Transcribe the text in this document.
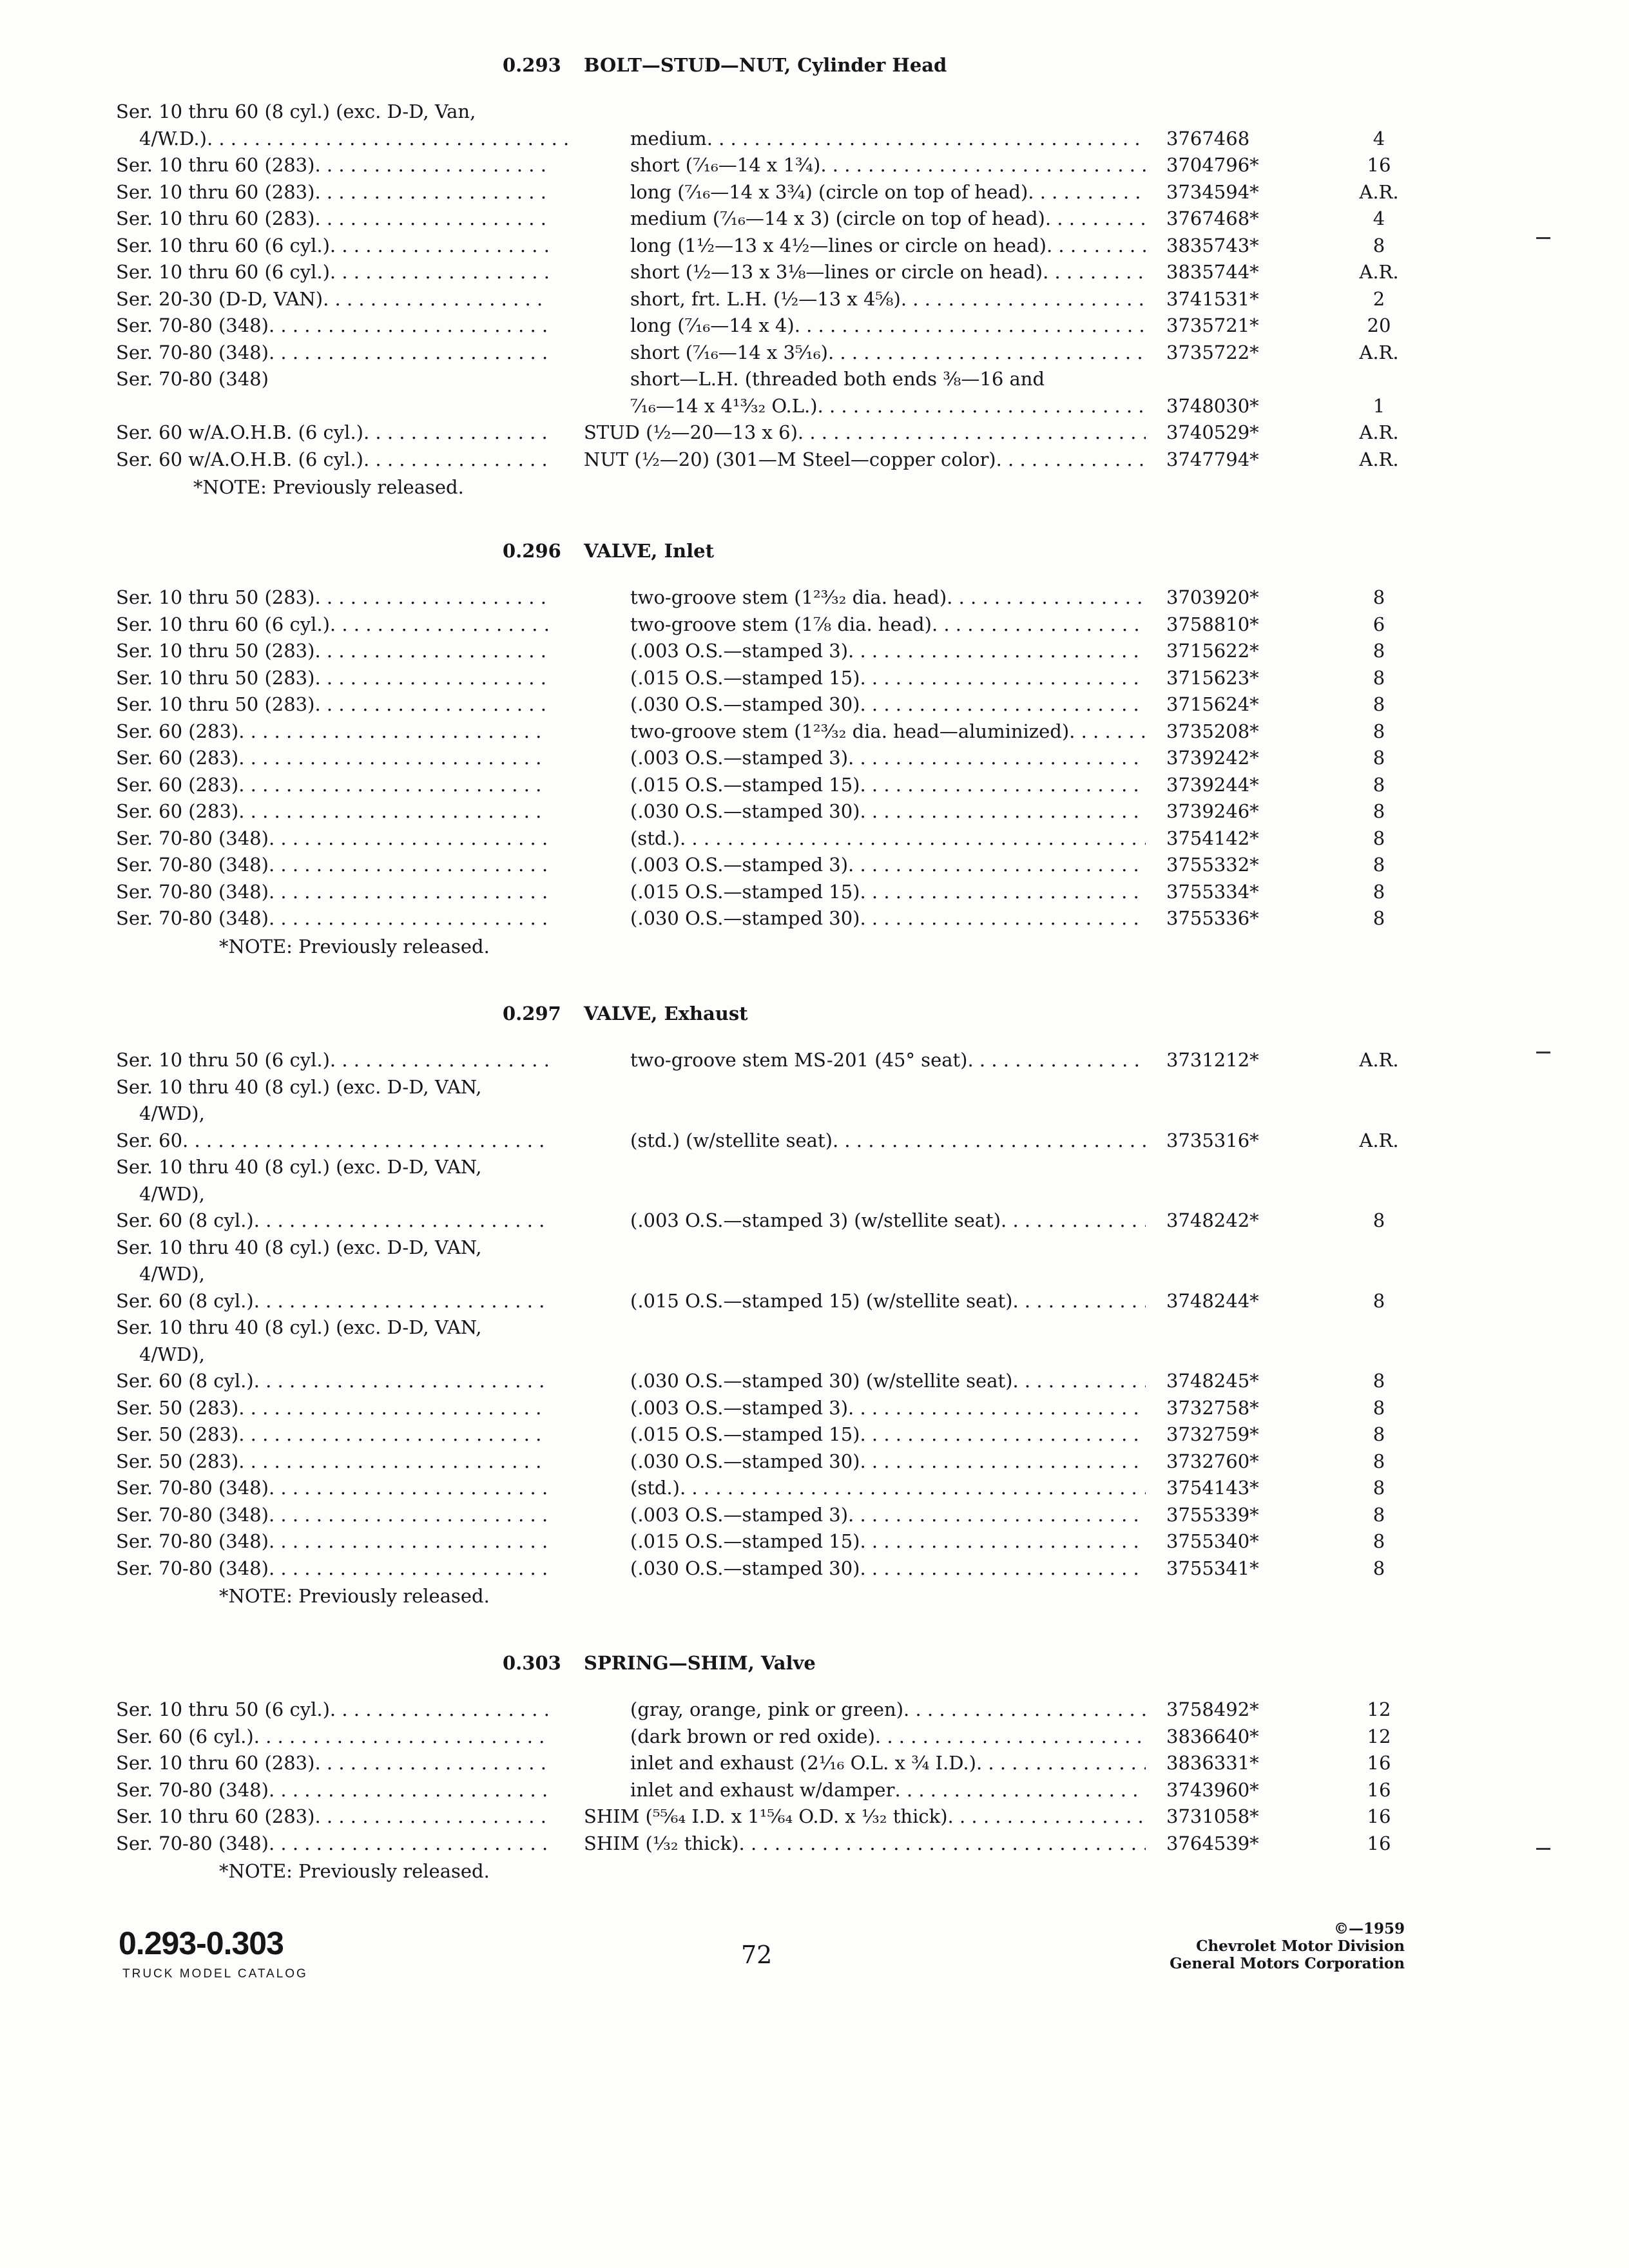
0.293 BOLT—STUD—NUT, Cylinder Head
Ser. 10 thru 60 (8 cyl.) (exc. D-D, Van,
4/W.D.) . . .	medium . . .	3767468	4
Ser. 10 thru 60 (283) . . .	short (⁷⁄₁₆—14 x 1¾) . . .	3704796*	16
Ser. 10 thru 60 (283) . . .	long (⁷⁄₁₆—14 x 3¾) (circle on top of head) . . .	3734594*	A.R.
Ser. 10 thru 60 (283) . . .	medium (⁷⁄₁₆—14 x 3) (circle on top of head) . . .	3767468*	4
Ser. 10 thru 60 (6 cyl.) . . .	long (1½—13 x 4½—lines or circle on head) . . .	3835743*	8
Ser. 10 thru 60 (6 cyl.) . . .	short (½—13 x 3⅛—lines or circle on head) . . .	3835744*	A.R.
Ser. 20-30 (D-D, VAN) . . .	short, frt. L.H. (½—13 x 4⅝) . . .	3741531*	2
Ser. 70-80 (348) . . .	long (⁷⁄₁₆—14 x 4) . . .	3735721*	20
Ser. 70-80 (348) . . .	short (⁷⁄₁₆—14 x 3⁵⁄₁₆) . . .	3735722*	A.R.
Ser. 70-80 (348)	short—L.H. (threaded both ends ⅜—16 and
⁷⁄₁₆—14 x 4¹³⁄₃₂ O.L.) . . .	3748030*	1
Ser. 60 w/A.O.H.B. (6 cyl.) . . .	STUD (½—20—13 x 6) . . .	3740529*	A.R.
Ser. 60 w/A.O.H.B. (6 cyl.) . . .	NUT (½—20) (301—M Steel—copper color) . . .	3747794*	A.R.
*NOTE: Previously released.
0.296 VALVE, Inlet
Ser. 10 thru 50 (283) . . .	two-groove stem (1²³⁄₃₂ dia. head) . . .	3703920*	8
Ser. 10 thru 60 (6 cyl.) . . .	two-groove stem (1⅞ dia. head) . . .	3758810*	6
Ser. 10 thru 50 (283) . . .	(.003 O.S.—stamped 3) . . .	3715622*	8
Ser. 10 thru 50 (283) . . .	(.015 O.S.—stamped 15) . . .	3715623*	8
Ser. 10 thru 50 (283) . . .	(.030 O.S.—stamped 30) . . .	3715624*	8
Ser. 60 (283) . . .	two-groove stem (1²³⁄₃₂ dia. head—aluminized) . . .	3735208*	8
Ser. 60 (283) . . .	(.003 O.S.—stamped 3) . . .	3739242*	8
Ser. 60 (283) . . .	(.015 O.S.—stamped 15) . . .	3739244*	8
Ser. 60 (283) . . .	(.030 O.S.—stamped 30) . . .	3739246*	8
Ser. 70-80 (348) . . .	(std.) . . .	3754142*	8
Ser. 70-80 (348) . . .	(.003 O.S.—stamped 3) . . .	3755332*	8
Ser. 70-80 (348) . . .	(.015 O.S.—stamped 15) . . .	3755334*	8
Ser. 70-80 (348) . . .	(.030 O.S.—stamped 30) . . .	3755336*	8
*NOTE: Previously released.
0.297 VALVE, Exhaust
Ser. 10 thru 50 (6 cyl.) . . .	two-groove stem MS-201 (45° seat) . . .	3731212*	A.R.
Ser. 10 thru 40 (8 cyl.) (exc. D-D, VAN,
4/WD),
Ser. 60 . . .	(std.) (w/stellite seat) . . .	3735316*	A.R.
Ser. 10 thru 40 (8 cyl.) (exc. D-D, VAN,
4/WD),
Ser. 60 (8 cyl.) . . .	(.003 O.S.—stamped 3) (w/stellite seat) . . .	3748242*	8
Ser. 10 thru 40 (8 cyl.) (exc. D-D, VAN,
4/WD),
Ser. 60 (8 cyl.) . . .	(.015 O.S.—stamped 15) (w/stellite seat) . . .	3748244*	8
Ser. 10 thru 40 (8 cyl.) (exc. D-D, VAN,
4/WD),
Ser. 60 (8 cyl.) . . .	(.030 O.S.—stamped 30) (w/stellite seat) . . .	3748245*	8
Ser. 50 (283) . . .	(.003 O.S.—stamped 3) . . .	3732758*	8
Ser. 50 (283) . . .	(.015 O.S.—stamped 15) . . .	3732759*	8
Ser. 50 (283) . . .	(.030 O.S.—stamped 30) . . .	3732760*	8
Ser. 70-80 (348) . . .	(std.) . . .	3754143*	8
Ser. 70-80 (348) . . .	(.003 O.S.—stamped 3) . . .	3755339*	8
Ser. 70-80 (348) . . .	(.015 O.S.—stamped 15) . . .	3755340*	8
Ser. 70-80 (348) . . .	(.030 O.S.—stamped 30) . . .	3755341*	8
*NOTE: Previously released.
0.303 SPRING—SHIM, Valve
Ser. 10 thru 50 (6 cyl.) . . .	(gray, orange, pink or green) . . .	3758492*	12
Ser. 60 (6 cyl.) . . .	(dark brown or red oxide) . . .	3836640*	12
Ser. 10 thru 60 (283) . . .	inlet and exhaust (2¹⁄₁₆ O.L. x ¾ I.D.) . . .	3836331*	16
Ser. 70-80 (348) . . .	inlet and exhaust w/damper . . .	3743960*	16
Ser. 10 thru 60 (283) . . .	SHIM (⁵⁵⁄₆₄ I.D. x 1¹⁵⁄₆₄ O.D. x ¹⁄₃₂ thick) . . .	3731058*	16
Ser. 70-80 (348) . . .	SHIM (¹⁄₃₂ thick) . . .	3764539*	16
*NOTE: Previously released.
0.293-0.303
TRUCK MODEL CATALOG
72
©—1959
Chevrolet Motor Division
General Motors Corporation
